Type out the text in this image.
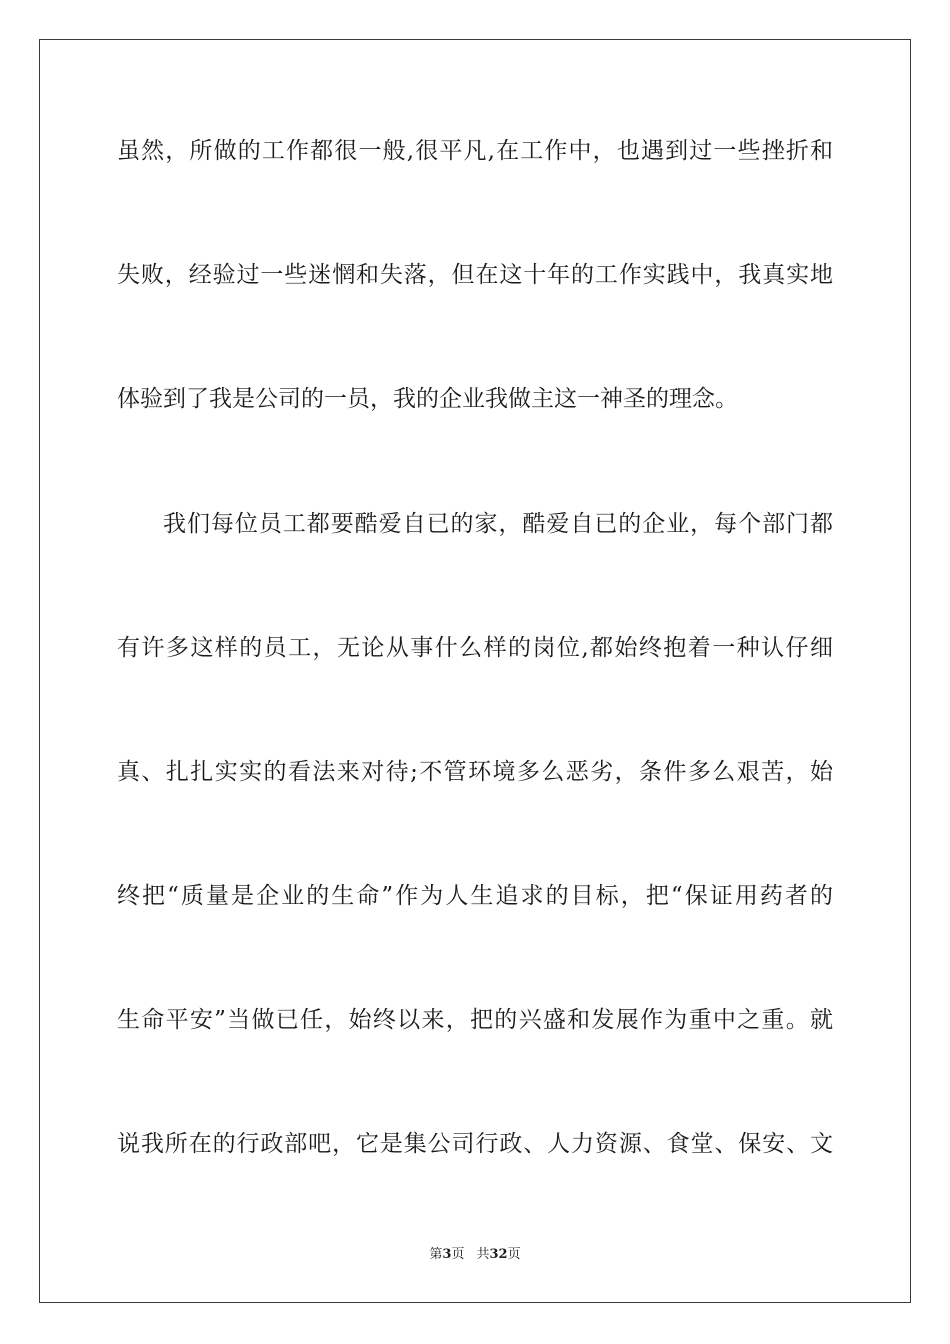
虽然，所做的工作都很一般,很平凡,在工作中，也遇到过一些挫折和
失败，经验过一些迷惘和失落，但在这十年的工作实践中，我真实地
体验到了我是公司的一员，我的企业我做主这一神圣的理念。
我们每位员工都要酷爱自已的家，酷爱自已的企业，每个部门都
有许多这样的员工，无论从事什么样的岗位,都始终抱着一种认仔细
真、扎扎实实的看法来对待;不管环境多么恶劣，条件多么艰苦，始
终把“质量是企业的生命”作为人生追求的目标，把“保证用药者的
生命平安”当做已任，始终以来，把的兴盛和发展作为重中之重。就
说我所在的行政部吧，它是集公司行政、人力资源、食堂、保安、文
第3页 共32页
